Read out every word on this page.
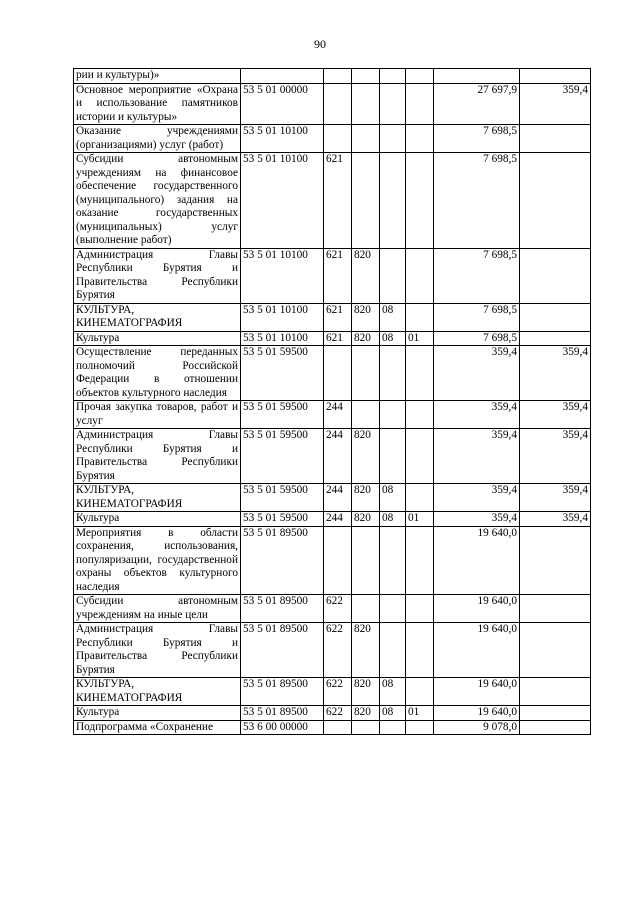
90
рии и культуры)»							
Основное мероприятие «Охрана и использование памятников истории и культуры»	53 5 01 00000					27 697,9	359,4
Оказание учреждениями (организациями) услуг (работ)	53 5 01 10100					7 698,5	
Субсидии автономным учреждениям на финансовое обеспечение государственного (муниципального) задания на оказание государственных (муниципальных) услуг (выполнение работ)	53 5 01 10100	621				7 698,5	
Администрация Главы Республики Бурятия и Правительства Республики Бурятия	53 5 01 10100	621	820			7 698,5	
КУЛЬТУРА, КИНЕМАТОГРАФИЯ	53 5 01 10100	621	820	08		7 698,5	
Культура	53 5 01 10100	621	820	08	01	7 698,5	
Осуществление переданных полномочий Российской Федерации в отношении объектов культурного наследия	53 5 01 59500					359,4	359,4
Прочая закупка товаров, работ и услуг	53 5 01 59500	244				359,4	359,4
Администрация Главы Республики Бурятия и Правительства Республики Бурятия	53 5 01 59500	244	820			359,4	359,4
КУЛЬТУРА, КИНЕМАТОГРАФИЯ	53 5 01 59500	244	820	08		359,4	359,4
Культура	53 5 01 59500	244	820	08	01	359,4	359,4
Мероприятия в области сохранения, использования, популяризации, государственной охраны объектов культурного наследия	53 5 01 89500					19 640,0	
Субсидии автономным учреждениям на иные цели	53 5 01 89500	622				19 640,0	
Администрация Главы Республики Бурятия и Правительства Республики Бурятия	53 5 01 89500	622	820			19 640,0	
КУЛЬТУРА, КИНЕМАТОГРАФИЯ	53 5 01 89500	622	820	08		19 640,0	
Культура	53 5 01 89500	622	820	08	01	19 640,0	
Подпрограмма «Сохранение	53 6 00 00000					9 078,0	
